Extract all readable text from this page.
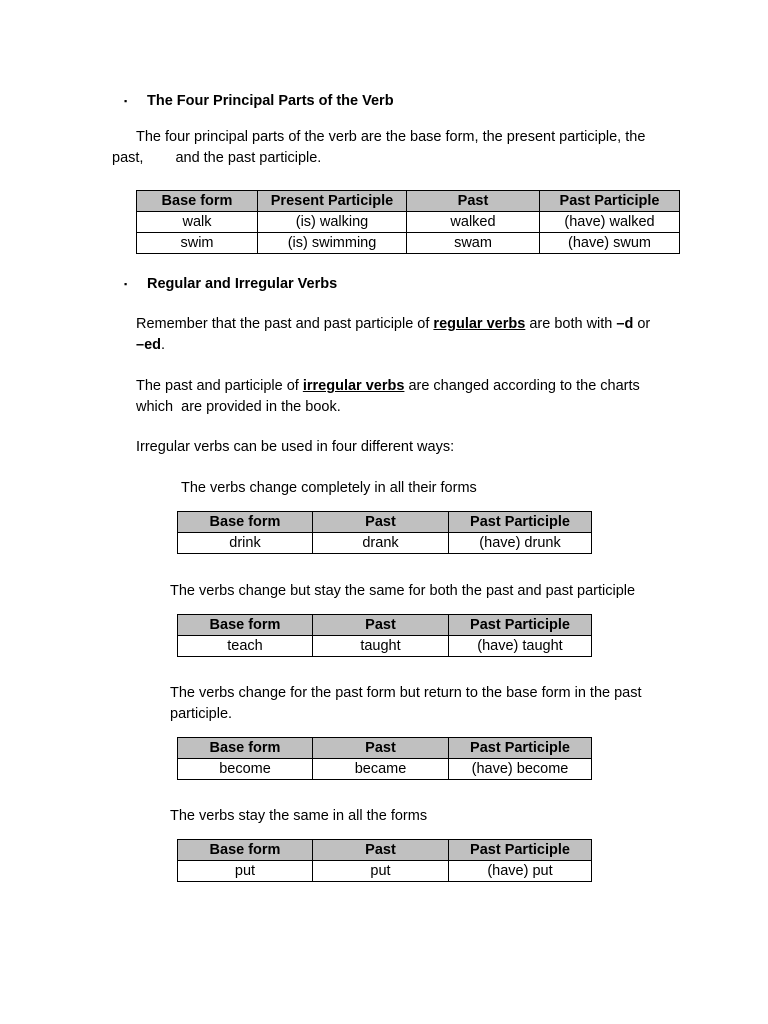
▪ The Four Principal Parts of the Verb
The four principal parts of the verb are the base form, the present participle, the
past, and the past participle.
Base form	Present Participle	Past	Past Participle
walk	(is) walking	walked	(have) walked
swim	(is) swimming	swam	(have) swum
▪ Regular and Irregular Verbs
Remember that the past and past participle of regular verbs are both with –d or
–ed.
The past and participle of irregular verbs are changed according to the charts
which  are provided in the book.
Irregular verbs can be used in four different ways:
The verbs change completely in all their forms
Base form	Past	Past Participle
drink	drank	(have) drunk
The verbs change but stay the same for both the past and past participle
Base form	Past	Past Participle
teach	taught	(have) taught
The verbs change for the past form but return to the base form in the past
participle.
Base form	Past	Past Participle
become	became	(have) become
The verbs stay the same in all the forms
Base form	Past	Past Participle
put	put	(have) put
